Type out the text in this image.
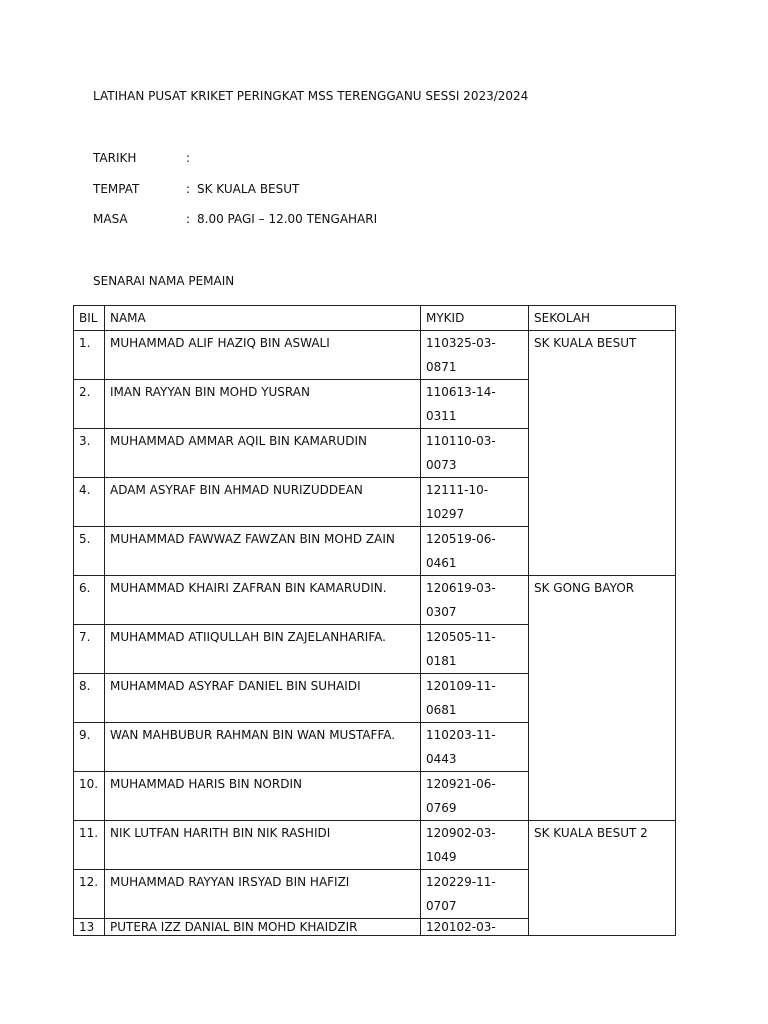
LATIHAN PUSAT KRIKET PERINGKAT MSS TERENGGANU SESSI 2023/2024
TARIKH	:
TEMPAT	: SK KUALA BESUT
MASA	: 8.00 PAGI – 12.00 TENGAHARI
SENARAI NAMA PEMAIN
BIL	NAMA	MYKID	SEKOLAH
1.	MUHAMMAD ALIF HAZIQ BIN ASWALI	110325-03-0871	SK KUALA BESUT
2.	IMAN RAYYAN BIN MOHD YUSRAN	110613-14-0311	
3.	MUHAMMAD AMMAR AQIL BIN KAMARUDIN	110110-03-0073	
4.	ADAM ASYRAF BIN AHMAD NURIZUDDEAN	12111-10-10297	
5.	MUHAMMAD FAWWAZ FAWZAN BIN MOHD ZAIN	120519-06-0461	
6.	MUHAMMAD KHAIRI ZAFRAN BIN KAMARUDIN.	120619-03-0307	SK GONG BAYOR
7.	MUHAMMAD ATIIQULLAH BIN ZAJELANHARIFA.	120505-11-0181	
8.	MUHAMMAD ASYRAF DANIEL BIN SUHAIDI	120109-11-0681	
9.	WAN MAHBUBUR RAHMAN BIN WAN MUSTAFFA.	110203-11-0443	
10.	MUHAMMAD HARIS BIN NORDIN	120921-06-0769	
11.	NIK LUTFAN HARITH BIN NIK RASHIDI	120902-03-1049	SK KUALA BESUT 2
12.	MUHAMMAD RAYYAN IRSYAD BIN HAFIZI	120229-11-0707	

13	PUTERA IZZ DANIAL BIN MOHD KHAIDZIR	120102-03-	
